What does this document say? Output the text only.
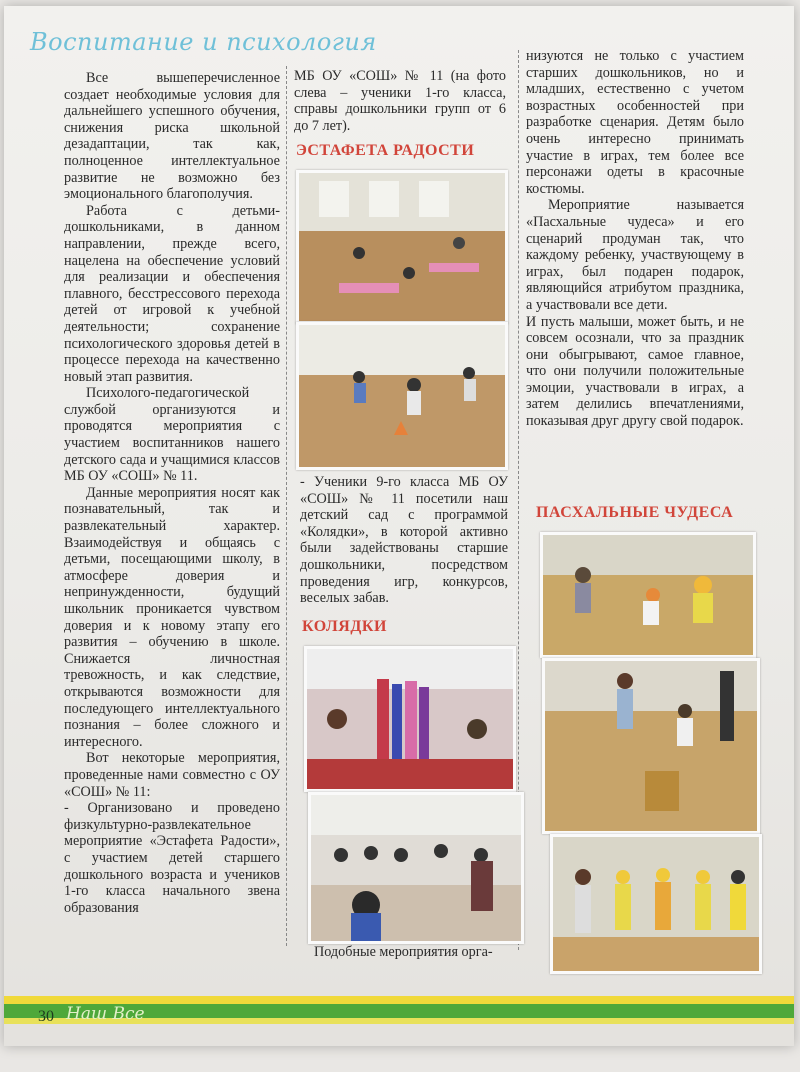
Воспитание и психология

Все вышеперечисленное создает необходимые условия для дальнейшего успешного обучения, снижения риска школьной дезадаптации, так как, полноценное интеллектуальное развитие не возможно без эмоционального благополучия.

Работа с детьми-дошкольниками, в данном направлении, прежде всего, нацелена на обеспечение условий для реализации и обеспечения плавного, бесстрессового перехода детей от игровой к учебной деятельности; сохранение психологического здоровья детей в процессе перехода на качественно новый этап развития.

Психолого-педагогической службой организуются и проводятся мероприятия с участием воспитанников нашего детского сада и учащимися классов МБ ОУ «СОШ» № 11.

Данные мероприятия носят как познавательный, так и развлекательный характер. Взаимодействуя и общаясь с детьми, посещающими школу, в атмосфере доверия и непринужденности, будущий школьник проникается чувством доверия и к новому этапу его развития – обучению в школе. Снижается личностная тревожность, и как следствие, открываются возможности для последующего интеллектуального познания – более сложного и интересного.

Вот некоторые мероприятия, проведенные нами совместно с ОУ «СОШ» № 11:

- Организовано и проведено физкультурно-развлекательное мероприятие «Эстафета Радости», с участием детей старшего дошкольного возраста и учеников 1-го класса начального звена образования

МБ ОУ «СОШ» № 11 (на фото слева – ученики 1-го класса, справы дошкольники групп от 6 до 7 лет).

ЭСТАФЕТА РАДОСТИ

- Ученики 9-го класса МБ ОУ «СОШ» № 11 посетили наш детский сад с программой «Колядки», в которой активно были задействованы старшие дошкольники, посредством проведения игр, конкурсов, веселых забав.

КОЛЯДКИ
Подобные мероприятия орга-

низуются не только с участием старших дошкольников, но и младших, естественно с учетом возрастных особенностей при разработке сценария. Детям было очень интересно принимать участие в играх, тем более все персонажи одеты в красочные костюмы.

Мероприятие называется «Пасхальные чудеса» и его сценарий продуман так, что каждому ребенку, участвующему в играх, был подарен подарок, являющийся атрибутом праздника, а участвовали все дети.

И пусть малыши, может быть, и не совсем осознали, что за праздник они обыгрывают, самое главное, что они получили положительные эмоции, участвовали в играх, а затем делились впечатлениями, показывая друг другу свой подарок.

ПАСХАЛЬНЫЕ ЧУДЕСА
30 Наш Все
